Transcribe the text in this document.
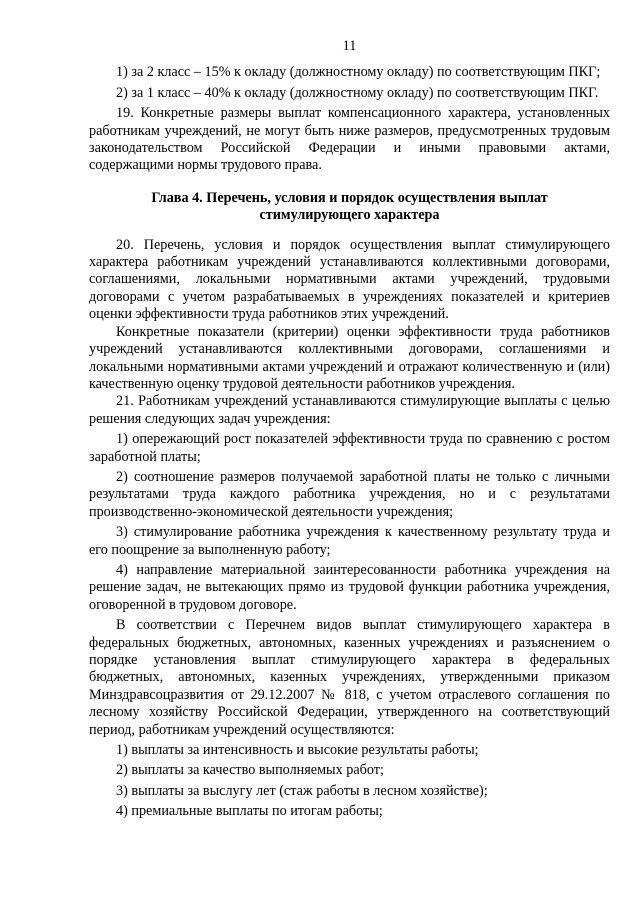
11

1) за 2 класс – 15% к окладу (должностному окладу) по соответствующим ПКГ;

2) за 1 класс – 40% к окладу (должностному окладу) по соответствующим ПКГ.

19. Конкретные размеры выплат компенсационного характера, установленных работникам учреждений, не могут быть ниже размеров, предусмотренных трудовым законодательством Российской Федерации и иными правовыми актами, содержащими нормы трудового права.

Глава 4. Перечень, условия и порядок осуществления выплат
стимулирующего характера

20. Перечень, условия и порядок осуществления выплат стимулирующего характера работникам учреждений устанавливаются коллективными договорами, соглашениями, локальными нормативными актами учреждений, трудовыми договорами с учетом разрабатываемых в учреждениях показателей и критериев оценки эффективности труда работников этих учреждений.

Конкретные показатели (критерии) оценки эффективности труда работников учреждений устанавливаются коллективными договорами, соглашениями и локальными нормативными актами учреждений и отражают количественную и (или) качественную оценку трудовой деятельности работников учреждения.

21. Работникам учреждений устанавливаются стимулирующие выплаты с целью решения следующих задач учреждения:

1) опережающий рост показателей эффективности труда по сравнению с ростом заработной платы;

2) соотношение размеров получаемой заработной платы не только с личными результатами труда каждого работника учреждения, но и с результатами производственно-экономической деятельности учреждения;

3) стимулирование работника учреждения к качественному результату труда и его поощрение за выполненную работу;

4) направление материальной заинтересованности работника учреждения на решение задач, не вытекающих прямо из трудовой функции работника учреждения, оговоренной в трудовом договоре.

В соответствии с Перечнем видов выплат стимулирующего характера в федеральных бюджетных, автономных, казенных учреждениях и разъяснением о порядке установления выплат стимулирующего характера в федеральных бюджетных, автономных, казенных учреждениях, утвержденными приказом Минздравсоцразвития от 29.12.2007 № 818, с учетом отраслевого соглашения по лесному хозяйству Российской Федерации, утвержденного на соответствующий период, работникам учреждений осуществляются:

1) выплаты за интенсивность и высокие результаты работы;

2) выплаты за качество выполняемых работ;

3) выплаты за выслугу лет (стаж работы в лесном хозяйстве);

4) премиальные выплаты по итогам работы;
